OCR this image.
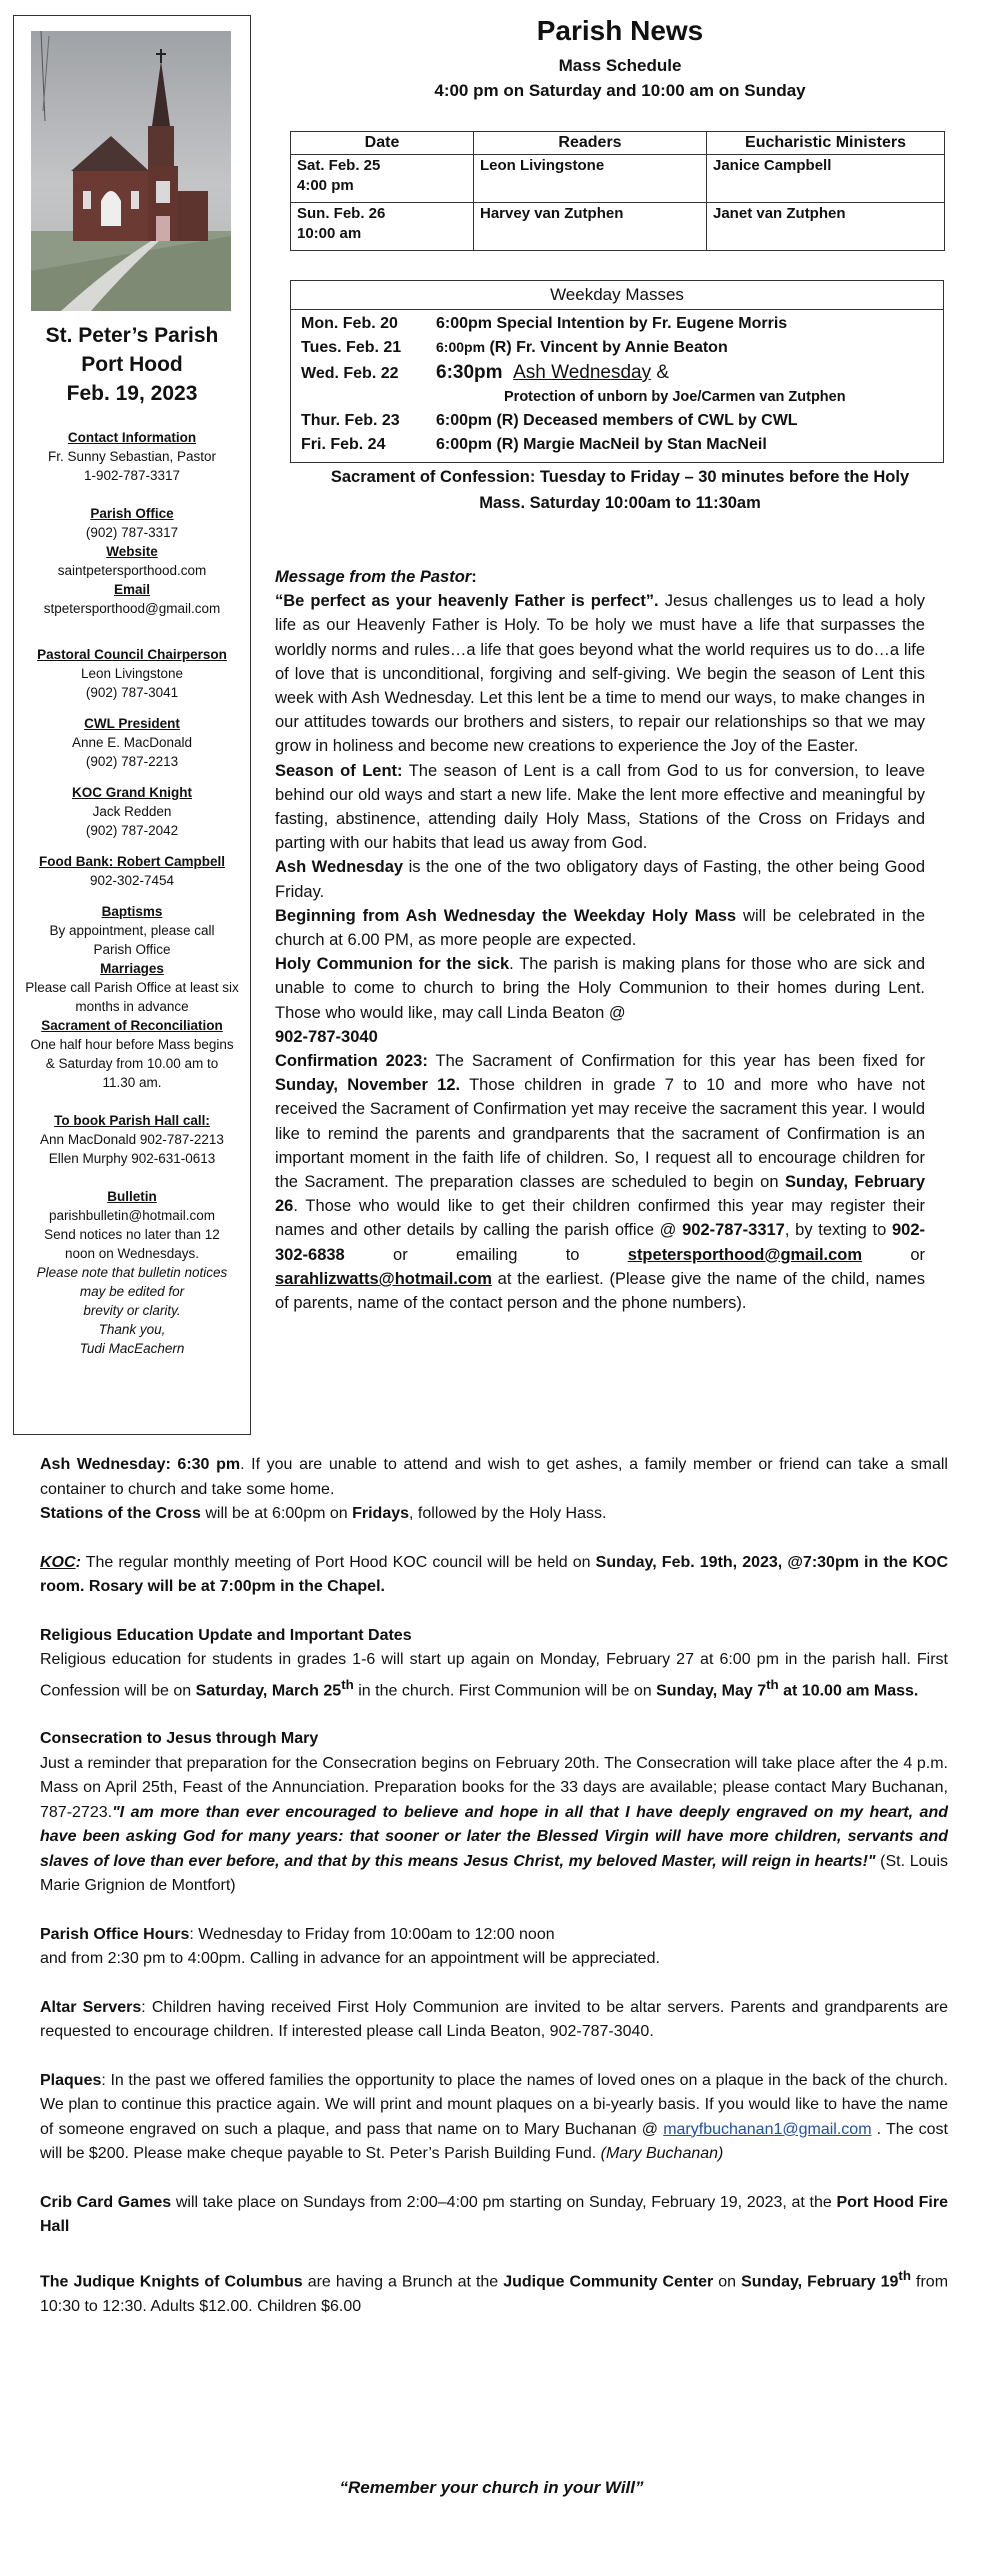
St. Peter’s Parish
Port Hood
Feb. 19, 2023
Contact Information
Fr. Sunny Sebastian, Pastor
1-902-787-3317
Parish Office
(902) 787-3317
Website
saintpetersporthood.com
Email
stpetersporthood@gmail.com
Pastoral Council Chairperson
Leon Livingstone
(902) 787-3041
CWL President
Anne E. MacDonald
(902) 787-2213
KOC Grand Knight
Jack Redden
(902) 787-2042
Food Bank: Robert Campbell
902-302-7454
Baptisms
By appointment, please call
Parish Office
Marriages
Please call Parish Office at least six
months in advance
Sacrament of Reconciliation
One half hour before Mass begins
& Saturday from 10.00 am to
11.30 am.
To book Parish Hall call:
Ann MacDonald 902-787-2213
Ellen Murphy 902-631-0613
Bulletin
parishbulletin@hotmail.com
Send notices no later than 12
noon on Wednesdays.
Please note that bulletin notices
may be edited for
brevity or clarity.
Thank you,
Tudi MacEachern
Parish News
Mass Schedule
4:00 pm on Saturday and 10:00 am on Sunday
Date	Readers	Eucharistic Ministers

Sat. Feb. 25
4:00 pm	Leon Livingstone	Janice Campbell

Sun. Feb. 26
10:00 am	Harvey van Zutphen	Janet van Zutphen
Weekday Masses
Mon. Feb. 20 6:00pm Special Intention by Fr. Eugene Morris
Tues. Feb. 21 6:00pm (R) Fr. Vincent by Annie Beaton
Wed. Feb. 22 6:30pm Ash Wednesday &
Protection of unborn by Joe/Carmen van Zutphen
Thur. Feb. 23 6:00pm (R) Deceased members of CWL by CWL
Fri. Feb. 24	6:00pm (R) Margie MacNeil by Stan MacNeil
Sacrament of Confession: Tuesday to Friday – 30 minutes before the Holy
Mass. Saturday 10:00am to 11:30am

Message from the Pastor:

“Be perfect as your heavenly Father is perfect”. Jesus challenges us to lead a holy life as our Heavenly Father is Holy. To be holy we must have a life that surpasses the worldly norms and rules…a life that goes beyond what the world requires us to do…a life of love that is unconditional, forgiving and self-giving. We begin the season of Lent this week with Ash Wednesday. Let this lent be a time to mend our ways, to make changes in our attitudes towards our brothers and sisters, to repair our relationships so that we may grow in holiness and become new creations to experience the Joy of the Easter.

Season of Lent: The season of Lent is a call from God to us for conversion, to leave behind our old ways and start a new life. Make the lent more effective and meaningful by fasting, abstinence, attending daily Holy Mass, Stations of the Cross on Fridays and parting with our habits that lead us away from God.

Ash Wednesday is the one of the two obligatory days of Fasting, the other being Good Friday.

Beginning from Ash Wednesday the Weekday Holy Mass will be celebrated in the church at 6.00 PM, as more people are expected.

Holy Communion for the sick. The parish is making plans for those who are sick and unable to come to church to bring the Holy Communion to their homes during Lent. Those who would like, may call Linda Beaton @
902-787-3040

Confirmation 2023: The Sacrament of Confirmation for this year has been fixed for Sunday, November 12. Those children in grade 7 to 10 and more who have not received the Sacrament of Confirmation yet may receive the sacrament this year. I would like to remind the parents and grandparents that the sacrament of Confirmation is an important moment in the faith life of children. So, I request all to encourage children for the Sacrament. The preparation classes are scheduled to begin on Sunday, February 26. Those who would like to get their children confirmed this year may register their names and other details by calling the parish office @ 902-787-3317, by texting to 902-302-6838 or emailing to stpetersporthood@gmail.com or sarahlizwatts@hotmail.com at the earliest. (Please give the name of the child, names of parents, name of the contact person and the phone numbers).

Ash Wednesday: 6:30 pm. If you are unable to attend and wish to get ashes, a family member or friend can take a small container to church and take some home.

Stations of the Cross will be at 6:00pm on Fridays, followed by the Holy Hass.

KOC: The regular monthly meeting of Port Hood KOC council will be held on Sunday, Feb. 19th, 2023, @7:30pm in the KOC room. Rosary will be at 7:00pm in the Chapel.

Religious Education Update and Important Dates

Religious education for students in grades 1-6 will start up again on Monday, February 27 at 6:00 pm in the parish hall. First Confession will be on Saturday, March 25th in the church. First Communion will be on Sunday, May 7th at 10.00 am Mass.

Consecration to Jesus through Mary

Just a reminder that preparation for the Consecration begins on February 20th. The Consecration will take place after the 4 p.m. Mass on April 25th, Feast of the Annunciation. Preparation books for the 33 days are available; please contact Mary Buchanan, 787-2723."I am more than ever encouraged to believe and hope in all that I have deeply engraved on my heart, and have been asking God for many years: that sooner or later the Blessed Virgin will have more children, servants and slaves of love than ever before, and that by this means Jesus Christ, my beloved Master, will reign in hearts!" (St. Louis Marie Grignion de Montfort)

Parish Office Hours: Wednesday to Friday from 10:00am to 12:00 noon

and from 2:30 pm to 4:00pm. Calling in advance for an appointment will be appreciated.

Altar Servers: Children having received First Holy Communion are invited to be altar servers. Parents and grandparents are requested to encourage children. If interested please call Linda Beaton, 902-787-3040.

Plaques: In the past we offered families the opportunity to place the names of loved ones on a plaque in the back of the church. We plan to continue this practice again. We will print and mount plaques on a bi-yearly basis. If you would like to have the name of someone engraved on such a plaque, and pass that name on to Mary Buchanan @ maryfbuchanan1@gmail.com . The cost will be $200. Please make cheque payable to St. Peter’s Parish Building Fund. (Mary Buchanan)

Crib Card Games will take place on Sundays from 2:00–4:00 pm starting on Sunday, February 19, 2023, at the Port Hood Fire Hall

The Judique Knights of Columbus are having a Brunch at the Judique Community Center on Sunday, February 19th from 10:30 to 12:30. Adults $12.00. Children $6.00

“Remember your church in your Will”
